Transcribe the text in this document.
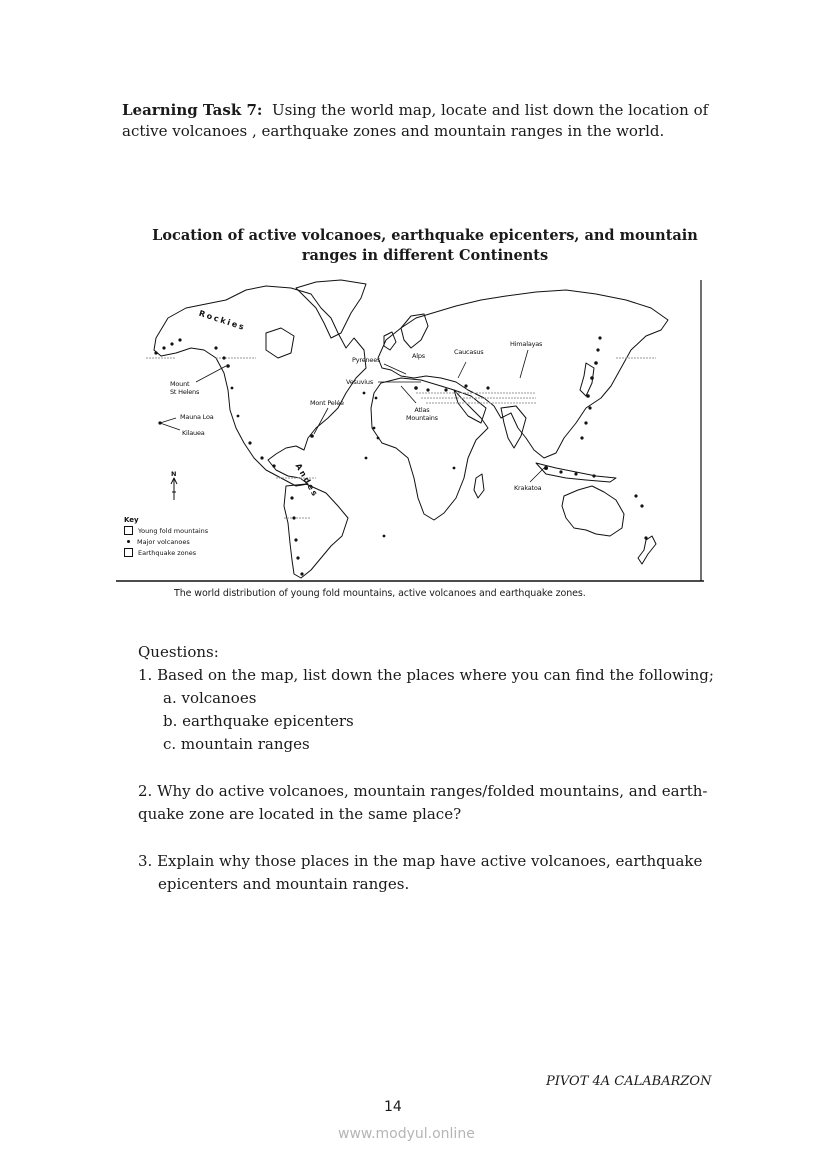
Learning Task 7: Using the world map, locate and list down the location of active volcanoes , earthquake zones and mountain ranges in the world.
Location of active volcanoes, earthquake epicenters, and mountain ranges in different Continents
Rockies
Andes
Mount
St Helens
Mauna Loa
Kilauea
Mont Pelée
Pyrenees	Alps
Vesuvius
Atlas
Mountains
Caucasus
Himalayas
Krakatoa
N
Key
Young fold mountains
Major volcanoes
Earthquake zones
The world distribution of young fold mountains, active volcanoes and earthquake zones.
Questions:
1. Based on the map, list down the places where you can find the following;
a. volcanoes
b. earthquake epicenters
c. mountain ranges
2. Why do active volcanoes, mountain ranges/folded mountains, and earth-
quake zone are located in the same place?
3. Explain why those places in the map have active volcanoes, earthquake
epicenters and mountain ranges.
PIVOT 4A CALABARZON
14
www.modyul.online
